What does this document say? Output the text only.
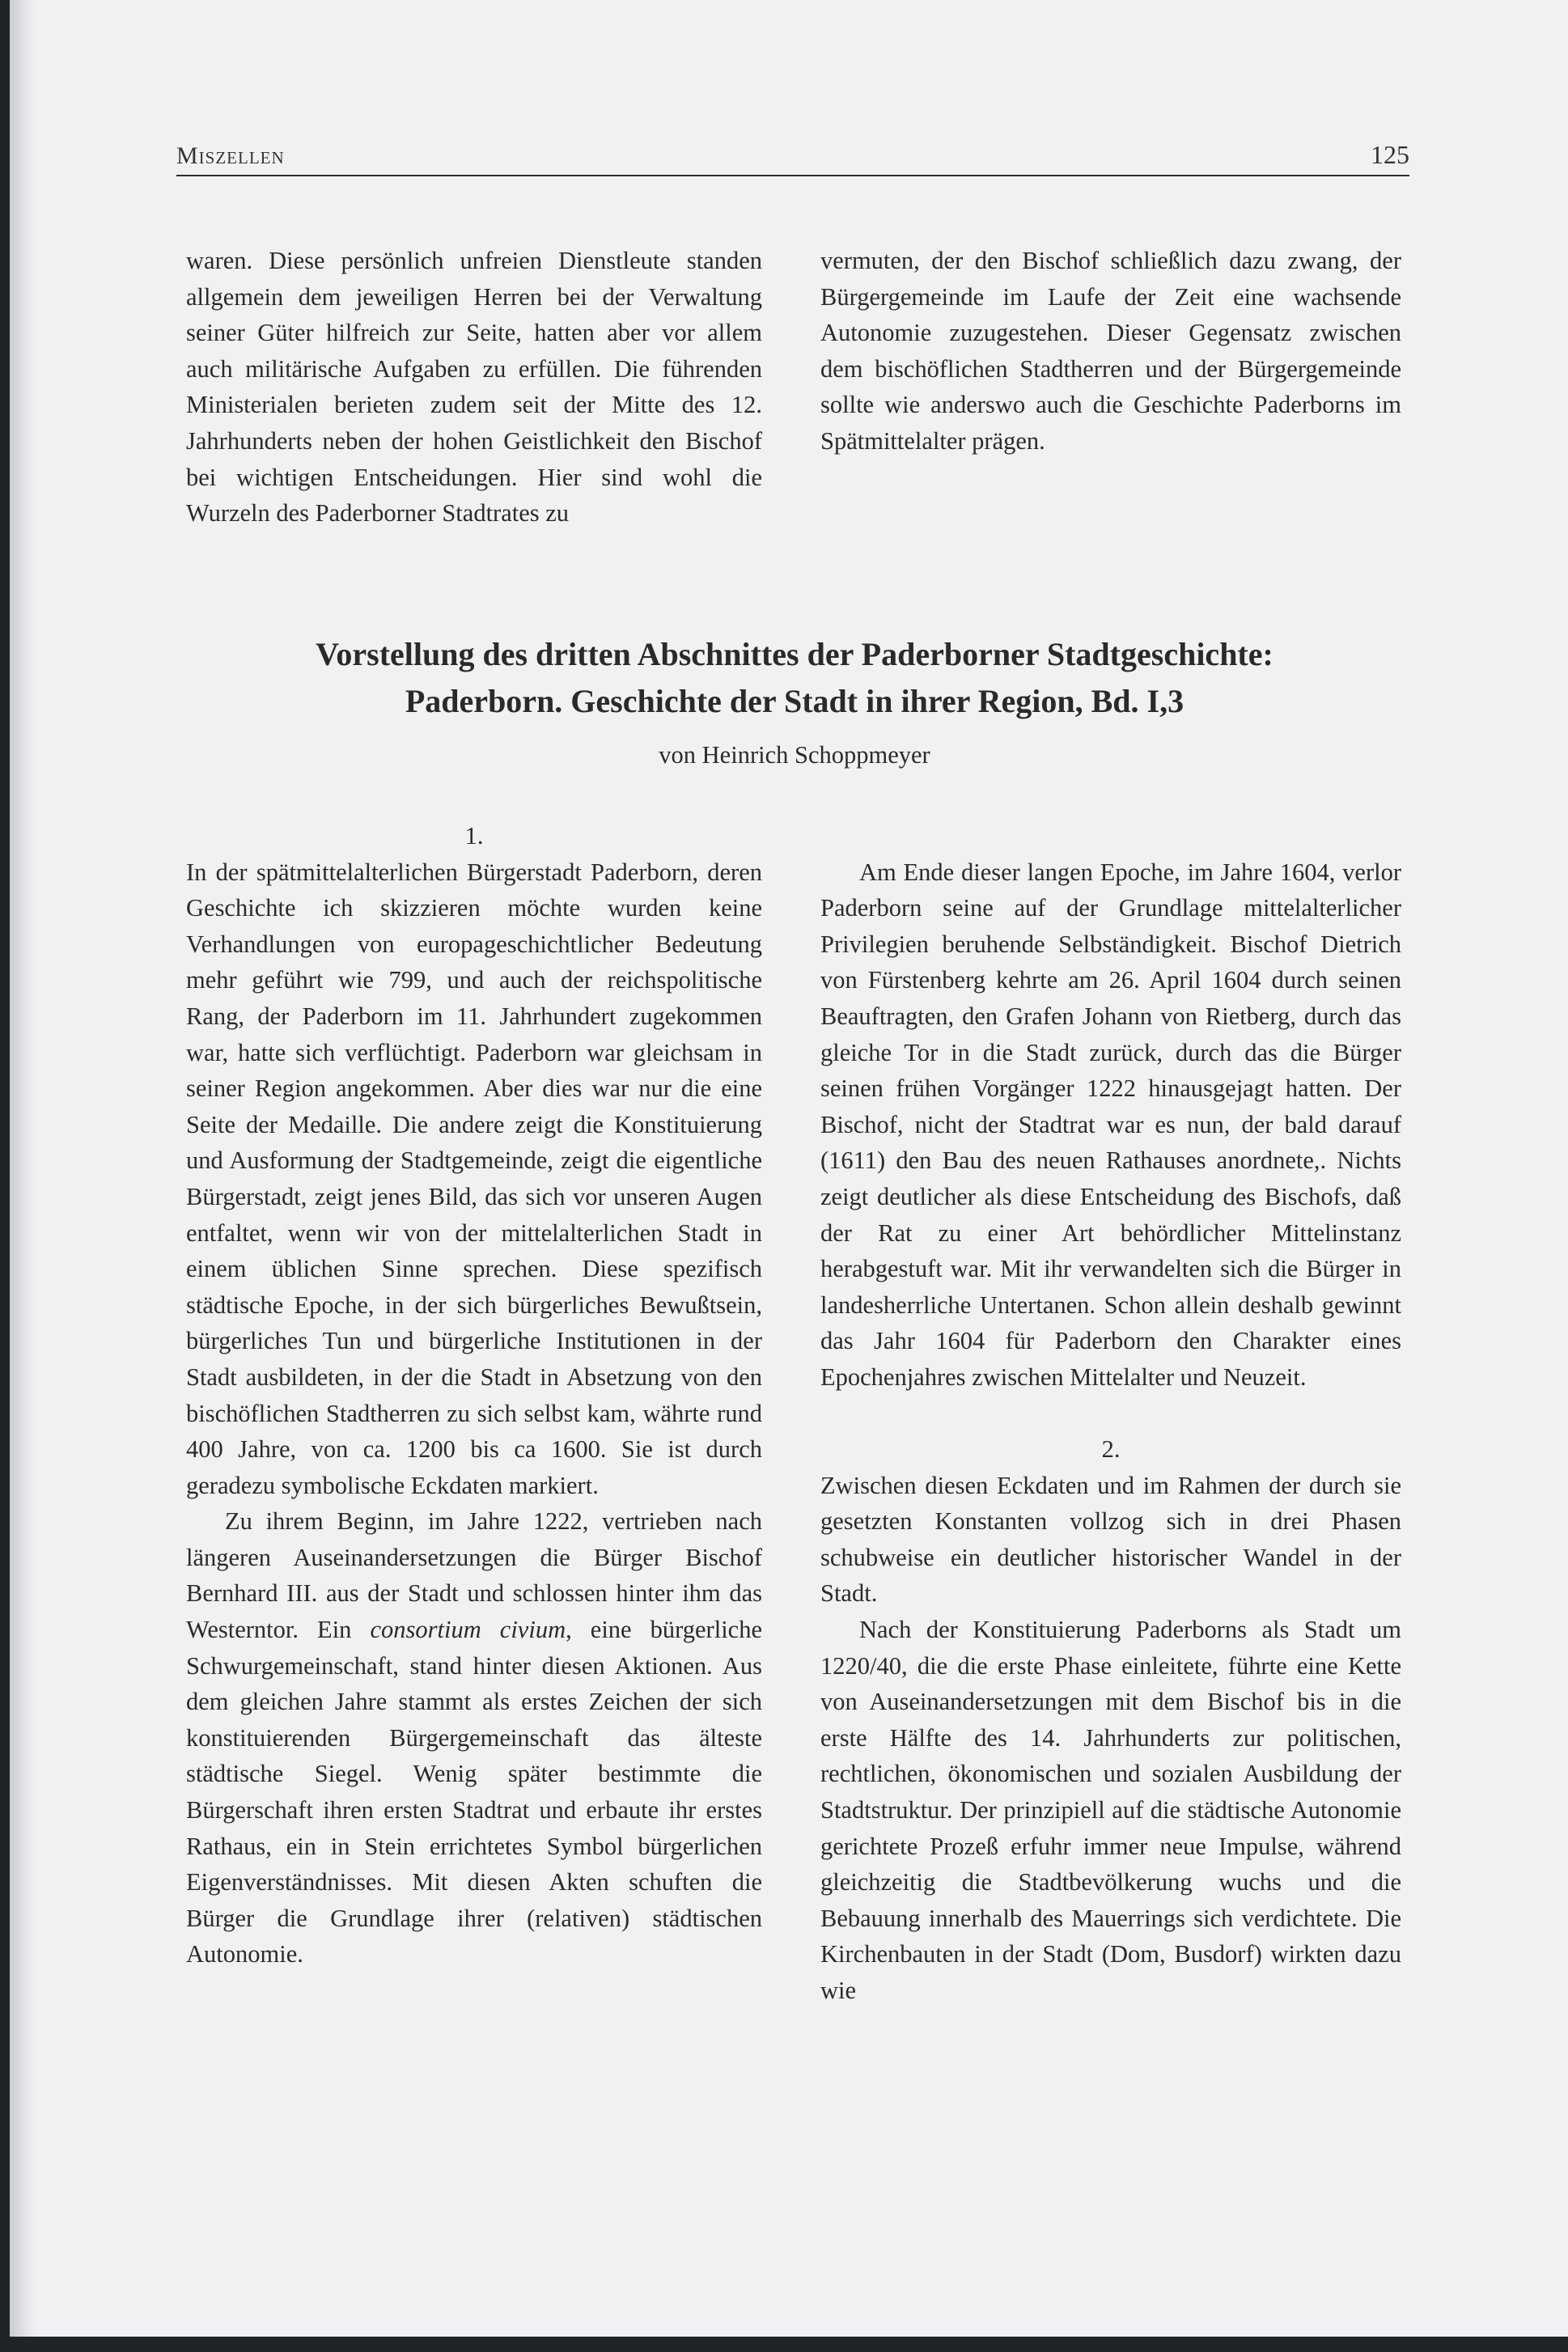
Miszellen	125

waren. Diese persönlich unfreien Dienstleute standen allgemein dem jeweiligen Herren bei der Verwaltung seiner Güter hilfreich zur Seite, hatten aber vor allem auch militärische Aufgaben zu erfüllen. Die führenden Ministerialen berieten zudem seit der Mitte des 12. Jahrhunderts neben der hohen Geistlichkeit den Bischof bei wichtigen Entscheidungen. Hier sind wohl die Wurzeln des Paderborner Stadtrates zu

vermuten, der den Bischof schließlich dazu zwang, der Bürgergemeinde im Laufe der Zeit eine wachsende Autonomie zuzugestehen. Dieser Gegensatz zwischen dem bischöflichen Stadtherren und der Bürgergemeinde sollte wie anderswo auch die Geschichte Paderborns im Spätmittelalter prägen.

Vorstellung des dritten Abschnittes der Paderborner Stadtgeschichte:
Paderborn. Geschichte der Stadt in ihrer Region, Bd. I,3
von Heinrich Schoppmeyer

1.

In der spätmittelalterlichen Bürgerstadt Paderborn, deren Geschichte ich skizzieren möchte wurden keine Verhandlungen von europageschichtlicher Bedeutung mehr geführt wie 799, und auch der reichspolitische Rang, der Paderborn im 11. Jahrhundert zugekommen war, hatte sich verflüchtigt. Paderborn war gleichsam in seiner Region angekommen. Aber dies war nur die eine Seite der Medaille. Die andere zeigt die Konstituierung und Ausformung der Stadtgemeinde, zeigt die eigentliche Bürgerstadt, zeigt jenes Bild, das sich vor unseren Augen entfaltet, wenn wir von der mittelalterlichen Stadt in einem üblichen Sinne sprechen. Diese spezifisch städtische Epoche, in der sich bürgerliches Bewußtsein, bürgerliches Tun und bürgerliche Institutionen in der Stadt ausbildeten, in der die Stadt in Absetzung von den bischöflichen Stadtherren zu sich selbst kam, währte rund 400 Jahre, von ca. 1200 bis ca 1600. Sie ist durch geradezu symbolische Eckdaten markiert.

Zu ihrem Beginn, im Jahre 1222, vertrieben nach längeren Auseinandersetzungen die Bürger Bischof Bernhard III. aus der Stadt und schlossen hinter ihm das Westerntor. Ein consortium civium, eine bürgerliche Schwurgemeinschaft, stand hinter diesen Aktionen. Aus dem gleichen Jahre stammt als erstes Zeichen der sich konstituierenden Bürgergemeinschaft das älteste städtische Siegel. Wenig später bestimmte die Bürgerschaft ihren ersten Stadtrat und erbaute ihr erstes Rathaus, ein in Stein errichtetes Symbol bürgerlichen Eigenverständnisses. Mit diesen Akten schuften die Bürger die Grundlage ihrer (relativen) städtischen Autonomie.

Am Ende dieser langen Epoche, im Jahre 1604, verlor Paderborn seine auf der Grundlage mittelalterlicher Privilegien beruhende Selbständigkeit. Bischof Dietrich von Fürstenberg kehrte am 26. April 1604 durch seinen Beauftragten, den Grafen Johann von Rietberg, durch das gleiche Tor in die Stadt zurück, durch das die Bürger seinen frühen Vorgänger 1222 hinausgejagt hatten. Der Bischof, nicht der Stadtrat war es nun, der bald darauf (1611) den Bau des neuen Rathauses anordnete,. Nichts zeigt deutlicher als diese Entscheidung des Bischofs, daß der Rat zu einer Art behördlicher Mittelinstanz herabgestuft war. Mit ihr verwandelten sich die Bürger in landesherrliche Untertanen. Schon allein deshalb gewinnt das Jahr 1604 für Paderborn den Charakter eines Epochenjahres zwischen Mittelalter und Neuzeit.

2.

Zwischen diesen Eckdaten und im Rahmen der durch sie gesetzten Konstanten vollzog sich in drei Phasen schubweise ein deutlicher historischer Wandel in der Stadt.

Nach der Konstituierung Paderborns als Stadt um 1220/40, die die erste Phase einleitete, führte eine Kette von Auseinandersetzungen mit dem Bischof bis in die erste Hälfte des 14. Jahrhunderts zur politischen, rechtlichen, ökonomischen und sozialen Ausbildung der Stadtstruktur. Der prinzipiell auf die städtische Autonomie gerichtete Prozeß erfuhr immer neue Impulse, während gleichzeitig die Stadtbevölkerung wuchs und die Bebauung innerhalb des Mauerrings sich verdichtete. Die Kirchenbauten in der Stadt (Dom, Busdorf) wirkten dazu wie
